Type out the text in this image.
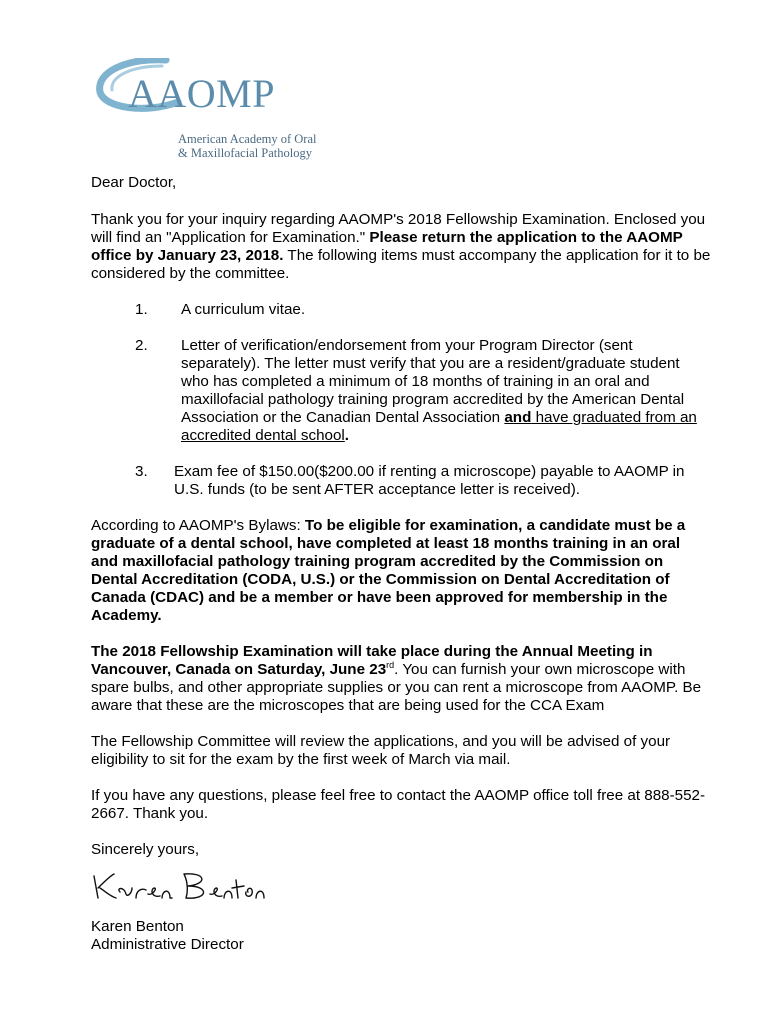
AAOMP
American Academy of Oral
& Maxillofacial Pathology

Dear Doctor,

Thank you for your inquiry regarding AAOMP's 2018 Fellowship Examination. Enclosed you will find an "Application for Examination." Please return the application to the AAOMP office by January 23, 2018. The following items must accompany the application for it to be considered by the committee.

1.	A curriculum vitae.
2.	Letter of verification/endorsement from your Program Director (sent separately). The letter must verify that you are a resident/graduate student who has completed a minimum of 18 months of training in an oral and maxillofacial pathology training program accredited by the American Dental Association or the Canadian Dental Association and have graduated from an accredited dental school.
3.	Exam fee of $150.00($200.00 if renting a microscope) payable to AAOMP in U.S. funds (to be sent AFTER acceptance letter is received).

According to AAOMP's Bylaws: To be eligible for examination, a candidate must be a graduate of a dental school, have completed at least 18 months training in an oral and maxillofacial pathology training program accredited by the Commission on Dental Accreditation (CODA, U.S.) or the Commission on Dental Accreditation of Canada (CDAC) and be a member or have been approved for membership in the Academy.

The 2018 Fellowship Examination will take place during the Annual Meeting in Vancouver, Canada on Saturday, June 23rd. You can furnish your own microscope with spare bulbs, and other appropriate supplies or you can rent a microscope from AAOMP. Be aware that these are the microscopes that are being used for the CCA Exam

The Fellowship Committee will review the applications, and you will be advised of your eligibility to sit for the exam by the first week of March via mail.

If you have any questions, please feel free to contact the AAOMP office toll free at 888-552-2667. Thank you.

Sincerely yours,

Karen Benton
Administrative Director
